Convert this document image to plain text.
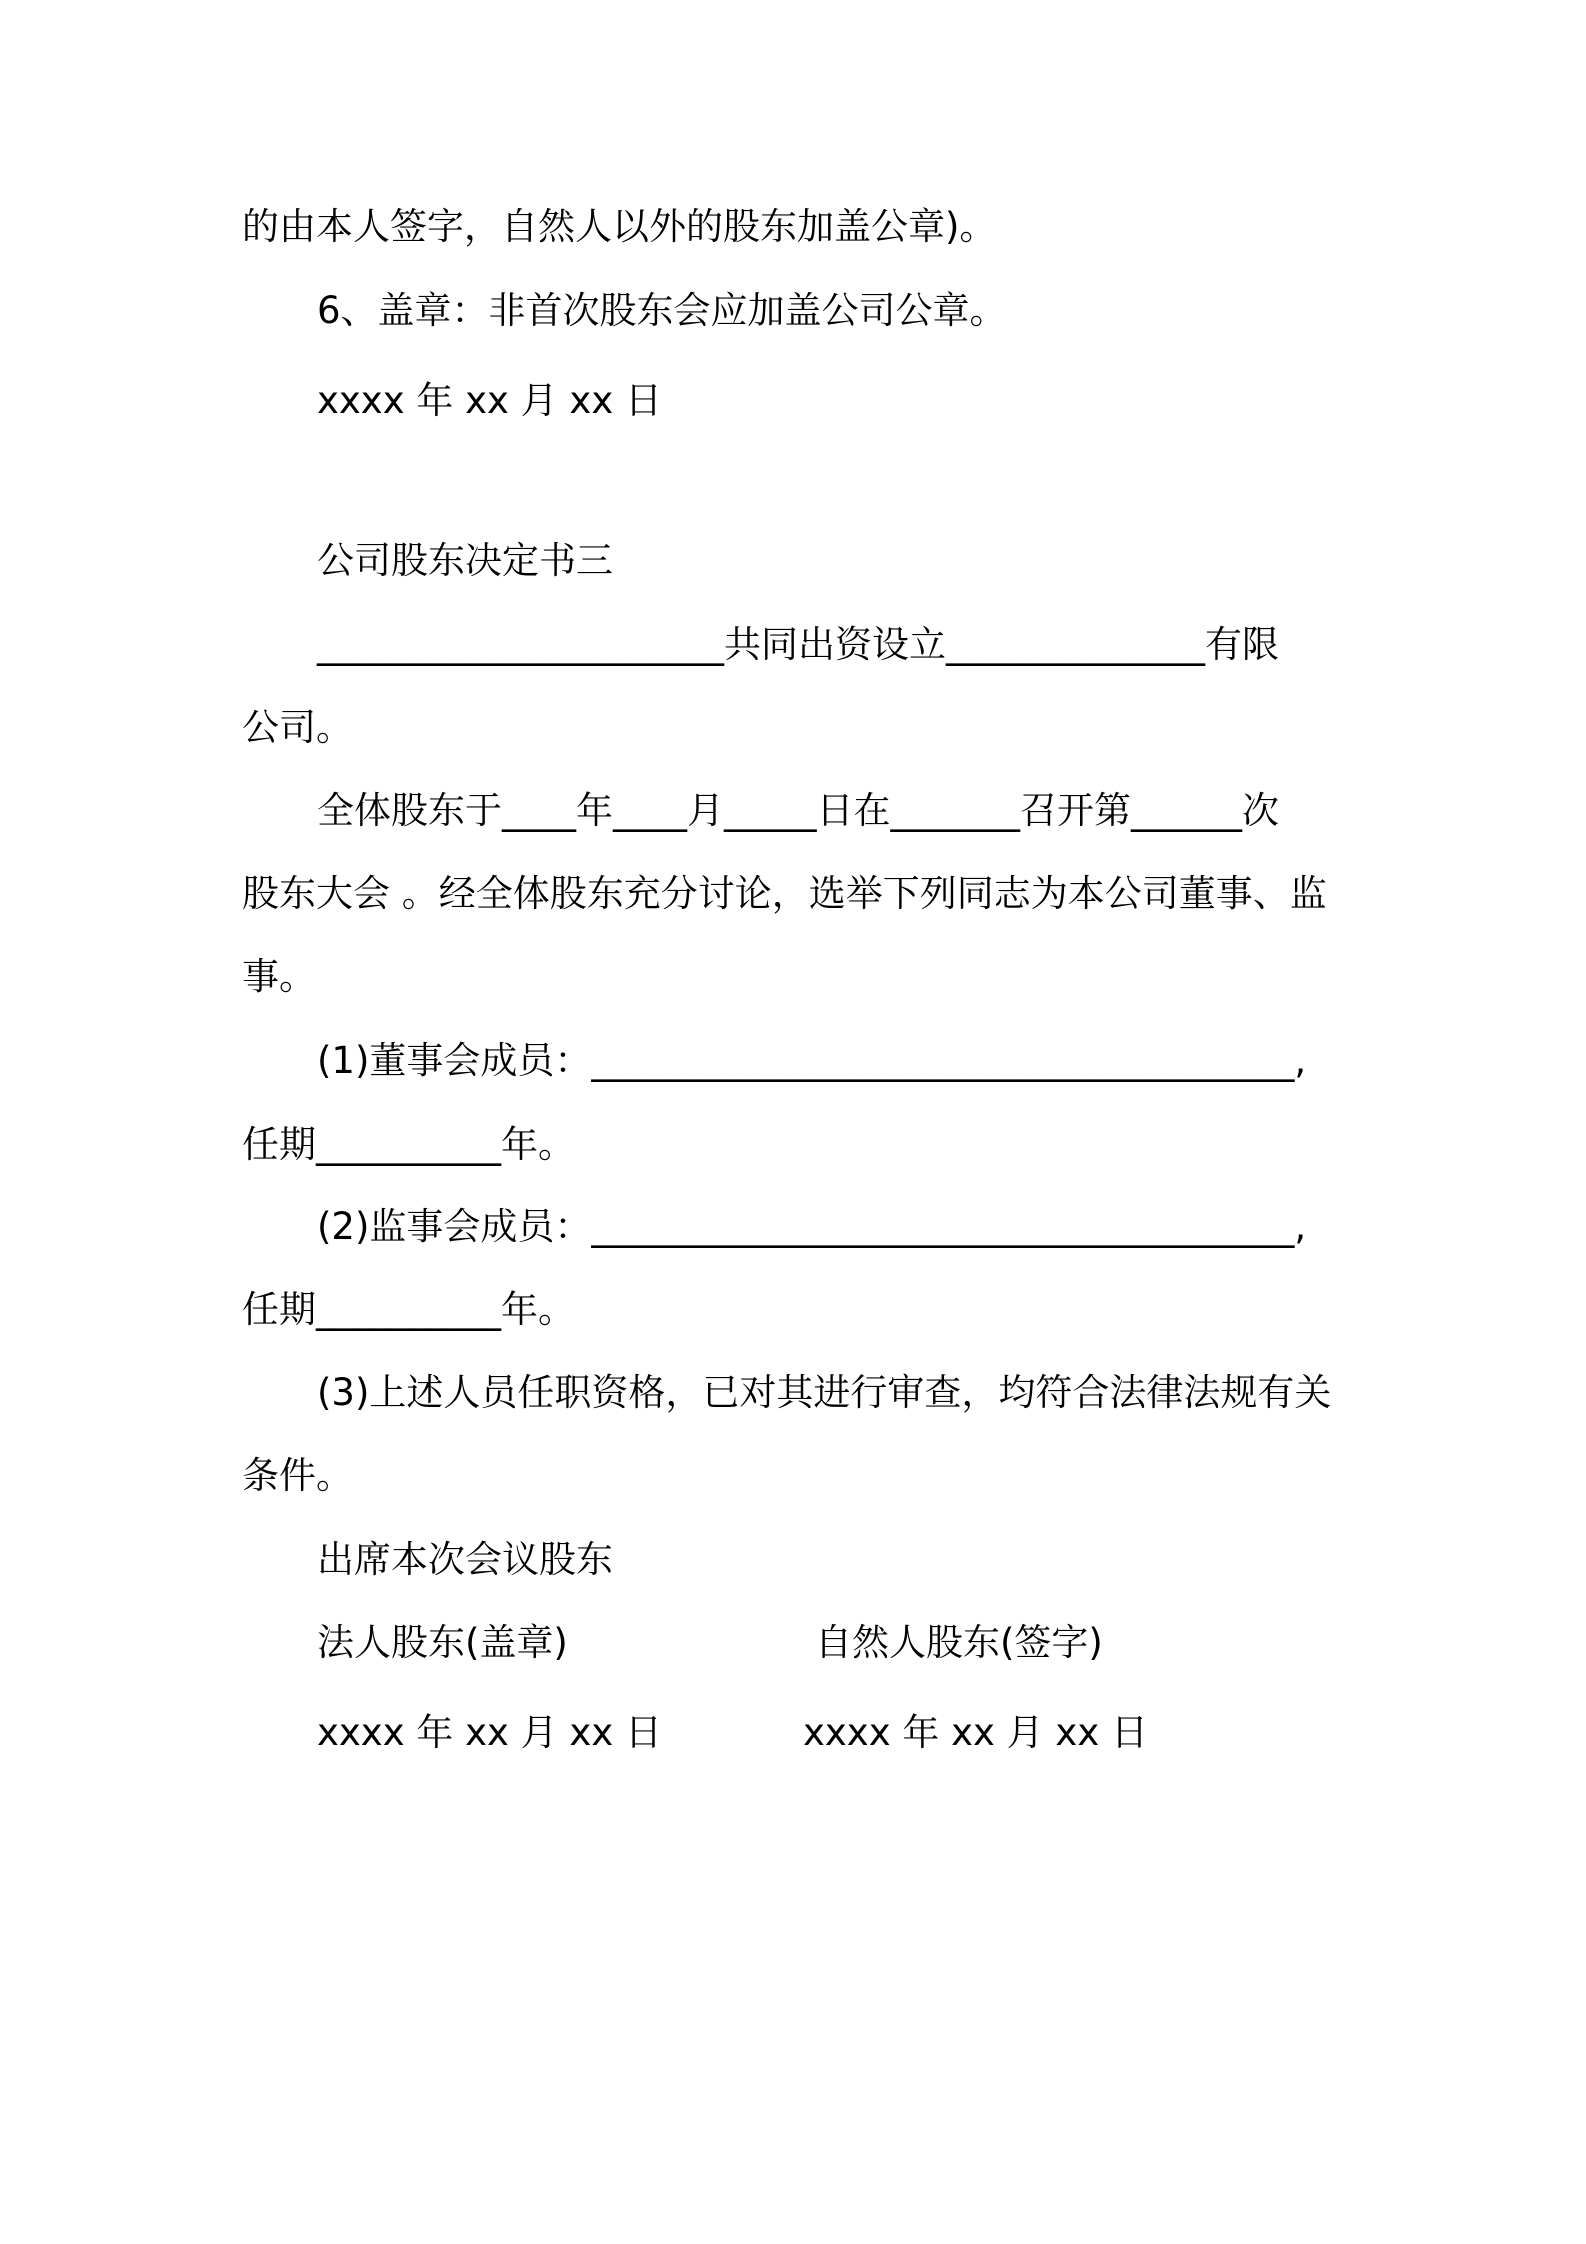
的由本人签字，自然人以外的股东加盖公章)。

6、盖章：非首次股东会应加盖公司公章。

xxxx 年 xx 月 xx 日

公司股东决定书三

______________________共同出资设立______________有限

公司。

全体股东于____年____月_____日在_______召开第______次

股东大会 。经全体股东充分讨论，选举下列同志为本公司董事、监

事。

(1)董事会成员：______________________________________,

任期__________年。

(2)监事会成员：______________________________________,

任期__________年。

(3)上述人员任职资格，已对其进行审查，均符合法律法规有关

条件。

出席本次会议股东

法人股东(盖章)	自然人股东(签字)

xxxx 年 xx 月 xx 日	xxxx 年 xx 月 xx 日
